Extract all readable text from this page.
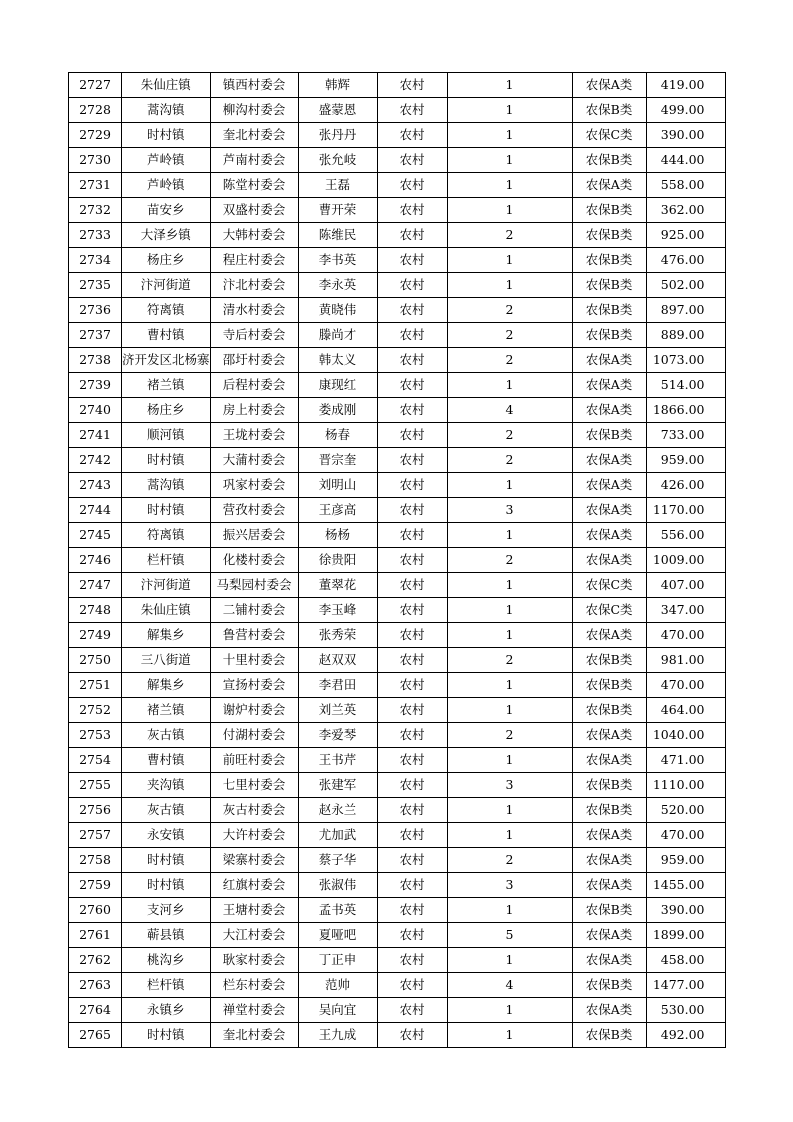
2727	朱仙庄镇	镇西村委会	韩辉	农村	1	农保A类	419.00
2728	蒿沟镇	柳沟村委会	盛蒙恩	农村	1	农保B类	499.00
2729	时村镇	奎北村委会	张丹丹	农村	1	农保C类	390.00
2730	芦岭镇	芦南村委会	张允岐	农村	1	农保B类	444.00
2731	芦岭镇	陈堂村委会	王磊	农村	1	农保A类	558.00
2732	苗安乡	双盛村委会	曹开荣	农村	1	农保B类	362.00
2733	大泽乡镇	大韩村委会	陈维民	农村	2	农保B类	925.00
2734	杨庄乡	程庄村委会	李书英	农村	1	农保B类	476.00
2735	汴河街道	汴北村委会	李永英	农村	1	农保B类	502.00
2736	符离镇	清水村委会	黄晓伟	农村	2	农保B类	897.00
2737	曹村镇	寺后村委会	滕尚才	农村	2	农保B类	889.00
2738	济开发区北杨寨	邵圩村委会	韩太义	农村	2	农保A类	1073.00
2739	褚兰镇	后程村委会	康现红	农村	1	农保A类	514.00
2740	杨庄乡	房上村委会	娄成刚	农村	4	农保A类	1866.00
2741	顺河镇	王垅村委会	杨春	农村	2	农保B类	733.00
2742	时村镇	大蒲村委会	晋宗奎	农村	2	农保A类	959.00
2743	蒿沟镇	巩家村委会	刘明山	农村	1	农保A类	426.00
2744	时村镇	营孜村委会	王彦高	农村	3	农保A类	1170.00
2745	符离镇	振兴居委会	杨杨	农村	1	农保A类	556.00
2746	栏杆镇	化楼村委会	徐贵阳	农村	2	农保A类	1009.00
2747	汴河街道	马梨园村委会	董翠花	农村	1	农保C类	407.00
2748	朱仙庄镇	二铺村委会	李玉峰	农村	1	农保C类	347.00
2749	解集乡	鲁营村委会	张秀荣	农村	1	农保A类	470.00
2750	三八街道	十里村委会	赵双双	农村	2	农保B类	981.00
2751	解集乡	宣扬村委会	李君田	农村	1	农保B类	470.00
2752	褚兰镇	谢炉村委会	刘兰英	农村	1	农保B类	464.00
2753	灰古镇	付湖村委会	李爱琴	农村	2	农保A类	1040.00
2754	曹村镇	前旺村委会	王书芹	农村	1	农保A类	471.00
2755	夹沟镇	七里村委会	张建军	农村	3	农保B类	1110.00
2756	灰古镇	灰古村委会	赵永兰	农村	1	农保B类	520.00
2757	永安镇	大许村委会	尤加武	农村	1	农保A类	470.00
2758	时村镇	梁寨村委会	蔡子华	农村	2	农保A类	959.00
2759	时村镇	红旗村委会	张淑伟	农村	3	农保A类	1455.00
2760	支河乡	王塘村委会	孟书英	农村	1	农保B类	390.00
2761	蕲县镇	大江村委会	夏哑吧	农村	5	农保A类	1899.00
2762	桃沟乡	耿家村委会	丁正申	农村	1	农保A类	458.00
2763	栏杆镇	栏东村委会	范帅	农村	4	农保B类	1477.00
2764	永镇乡	禅堂村委会	吴向宜	农村	1	农保A类	530.00
2765	时村镇	奎北村委会	王九成	农村	1	农保B类	492.00
